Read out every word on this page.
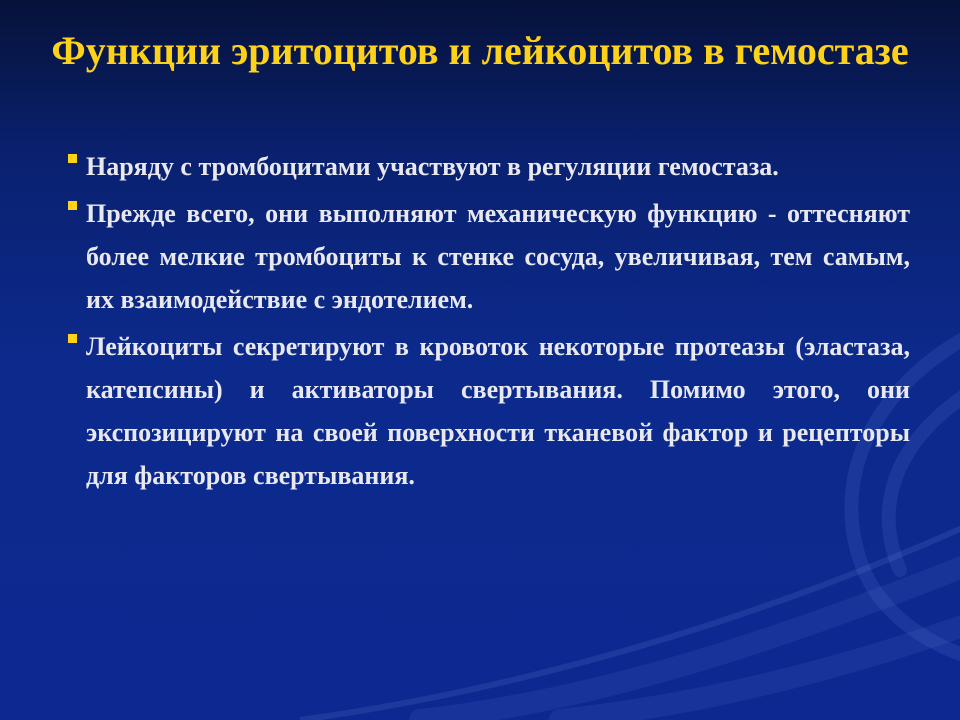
Функции эритоцитов и лейкоцитов в гемостазе
Наряду с тромбоцитами участвуют в регуляции гемостаза.
Прежде всего, они выполняют механическую функцию - оттесняют более мелкие тромбоциты к стенке сосуда, увеличивая, тем самым, их взаимодействие с эндотелием.
Лейкоциты секретируют в кровоток некоторые протеазы (эластаза, катепсины) и активаторы свертывания. Помимо этого, они экспозицируют на своей поверхности тканевой фактор и рецепторы для факторов свертывания.
